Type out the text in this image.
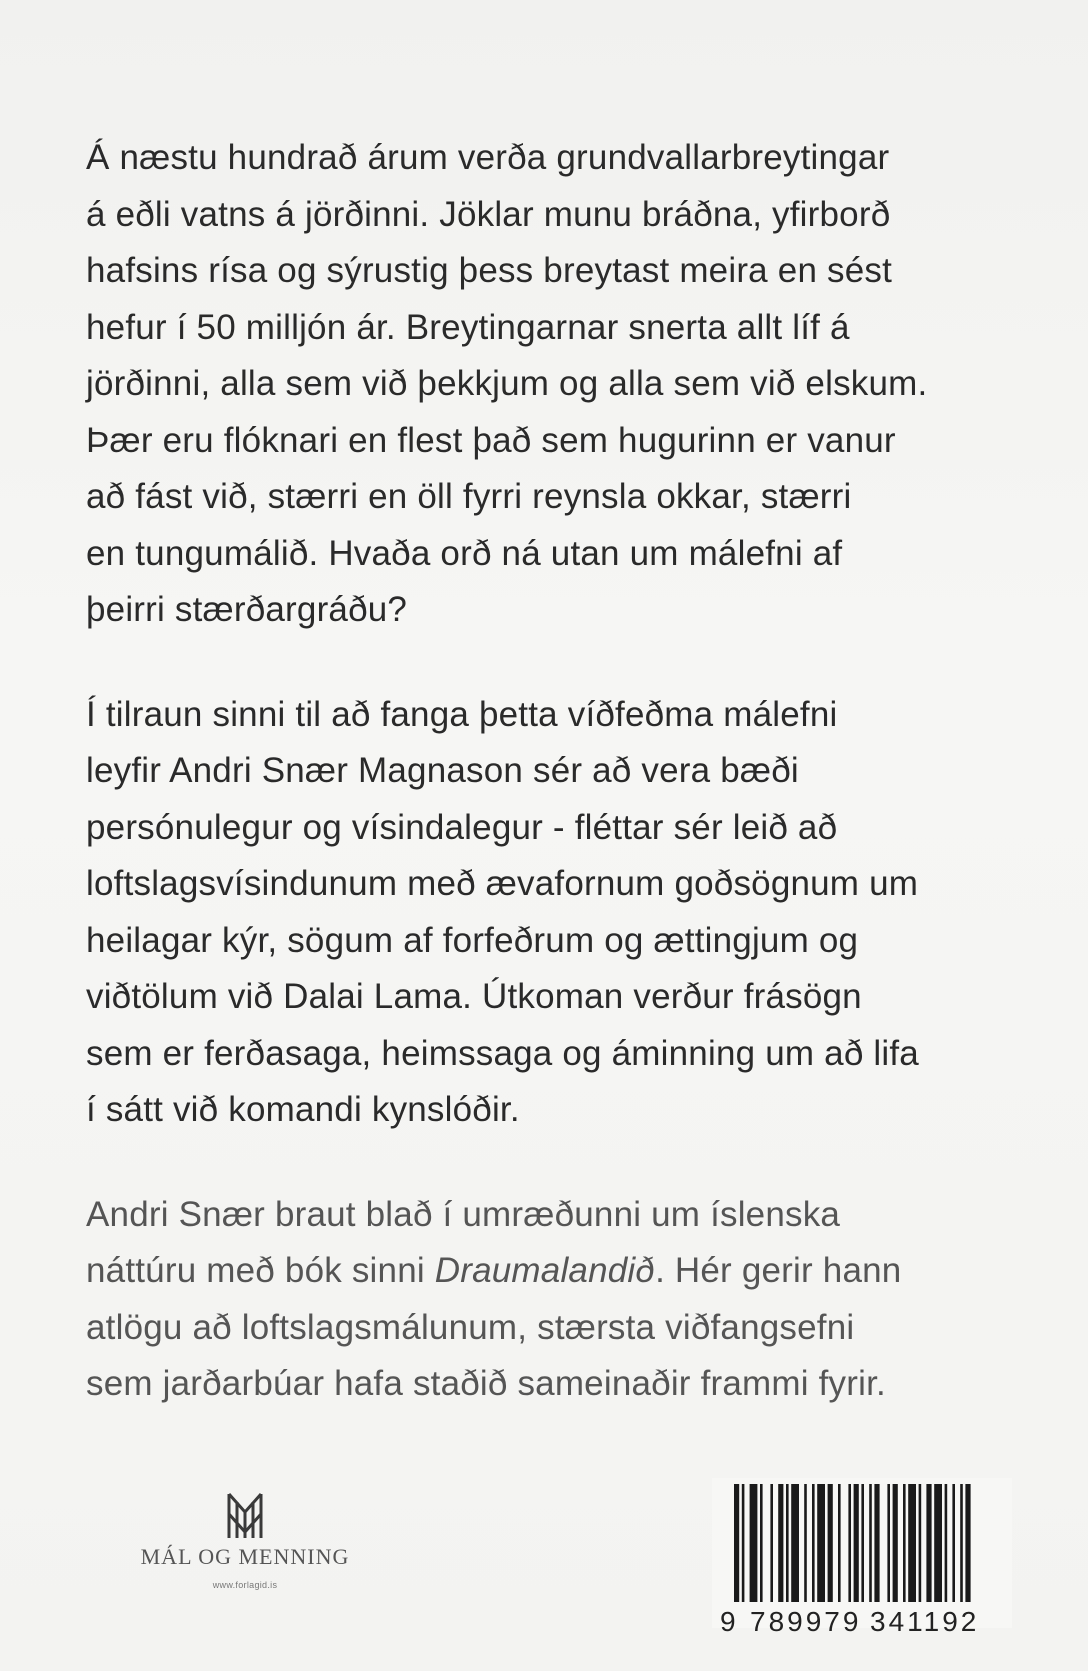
Á næstu hundrað árum verða grundvallarbreytingar
á eðli vatns á jörðinni. Jöklar munu bráðna, yfirborð
hafsins rísa og sýrustig þess breytast meira en sést
hefur í 50 milljón ár. Breytingarnar snerta allt líf á
jörðinni, alla sem við þekkjum og alla sem við elskum.
Þær eru flóknari en flest það sem hugurinn er vanur
að fást við, stærri en öll fyrri reynsla okkar, stærri
en tungumálið. Hvaða orð ná utan um málefni af
þeirri stærðargráðu?

Í tilraun sinni til að fanga þetta víðfeðma málefni
leyfir Andri Snær Magnason sér að vera bæði
persónulegur og vísindalegur - fléttar sér leið að
loftslagsvísindunum með ævafornum goðsögnum um
heilagar kýr, sögum af forfeðrum og ættingjum og
viðtölum við Dalai Lama. Útkoman verður frásögn
sem er ferðasaga, heimssaga og áminning um að lifa
í sátt við komandi kynslóðir.

Andri Snær braut blað í umræðunni um íslenska
náttúru með bók sinni Draumalandið. Hér gerir hann
atlögu að loftslagsmálunum, stærsta viðfangsefni
sem jarðarbúar hafa staðið sameinaðir frammi fyrir.

MÁL OG MENNING
www.forlagid.is
9 789979 341192
